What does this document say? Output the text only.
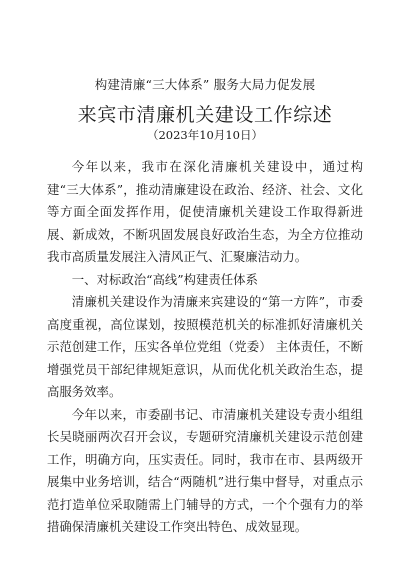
构建清廉“三大体系” 服务大局力促发展
来宾市清廉机关建设工作综述
（2023年10月10日）

今年以来，我市在深化清廉机关建设中，通过构建“三大体系”，推动清廉建设在政治、经济、社会、文化等方面全面发挥作用，促使清廉机关建设工作取得新进展、新成效，不断巩固发展良好政治生态，为全方位推动我市高质量发展注入清风正气、汇聚廉洁动力。

一、对标政治“高线”构建责任体系

清廉机关建设作为清廉来宾建设的“第一方阵”，市委高度重视，高位谋划，按照模范机关的标准抓好清廉机关示范创建工作，压实各单位党组（党委） 主体责任，不断增强党员干部纪律规矩意识，从而优化机关政治生态，提高服务效率。

今年以来，市委副书记、市清廉机关建设专责小组组长吴晓丽两次召开会议，专题研究清廉机关建设示范创建工作，明确方向，压实责任。同时，我市在市、县两级开展集中业务培训，结合“两随机”进行集中督导，对重点示范打造单位采取随需上门辅导的方式，一个个强有力的举措确保清廉机关建设工作突出特色、成效显现。
